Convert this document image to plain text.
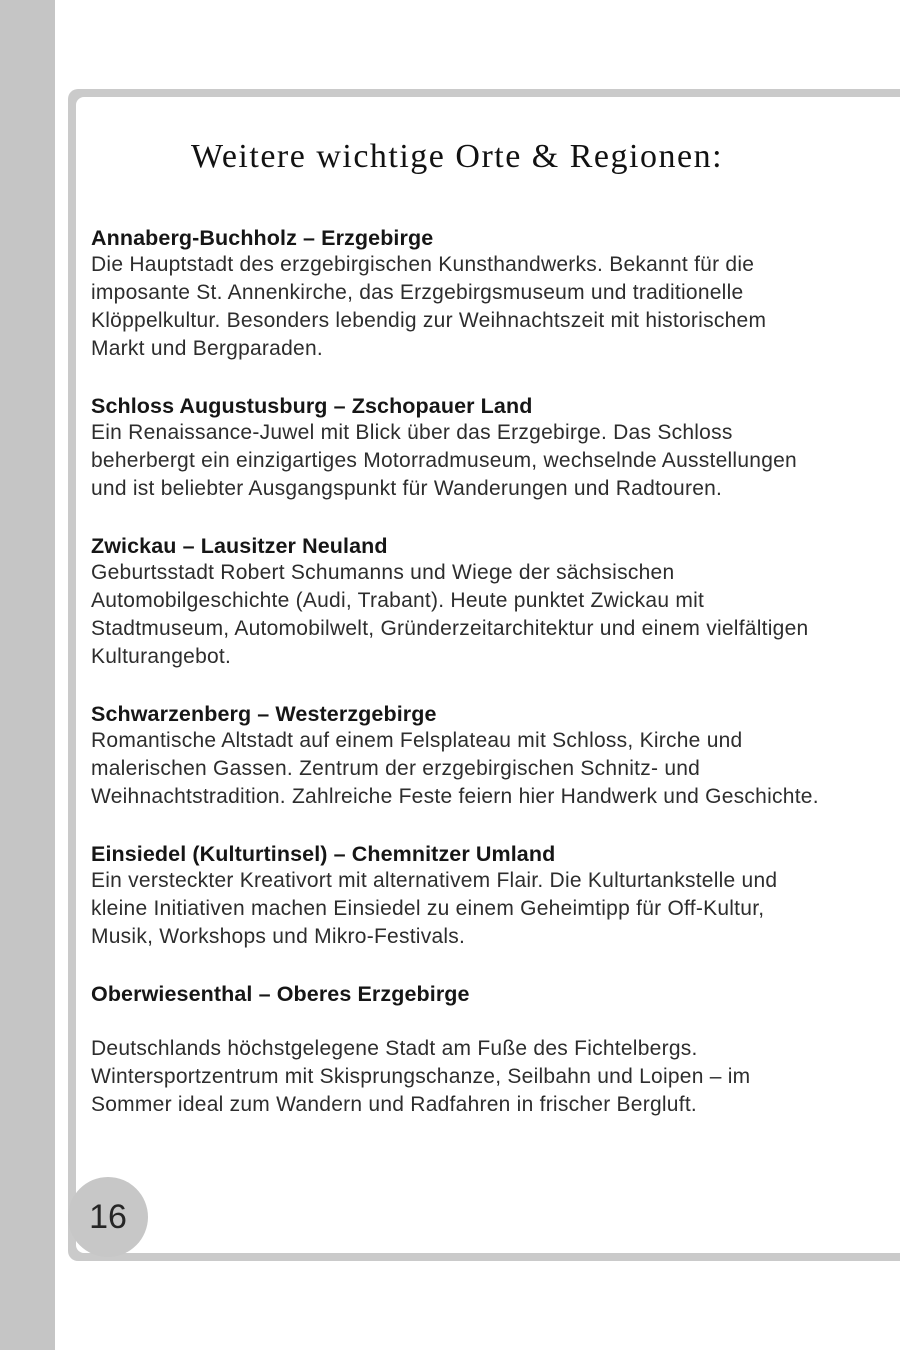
Weitere wichtige Orte & Regionen:
Annaberg-Buchholz – Erzgebirge
Die Hauptstadt des erzgebirgischen Kunsthandwerks. Bekannt für die imposante St. Annenkirche, das Erzgebirgsmuseum und traditionelle Klöppelkultur. Besonders lebendig zur Weihnachtszeit mit historischem Markt und Bergparaden.
Schloss Augustusburg – Zschopauer Land
Ein Renaissance-Juwel mit Blick über das Erzgebirge. Das Schloss beherbergt ein einzigartiges Motorradmuseum, wechselnde Ausstellungen und ist beliebter Ausgangspunkt für Wanderungen und Radtouren.
Zwickau – Lausitzer Neuland
Geburtsstadt Robert Schumanns und Wiege der sächsischen Automobilgeschichte (Audi, Trabant). Heute punktet Zwickau mit Stadtmuseum, Automobilwelt, Gründerzeitarchitektur und einem vielfältigen Kulturangebot.
Schwarzenberg – Westerzgebirge
Romantische Altstadt auf einem Felsplateau mit Schloss, Kirche und malerischen Gassen. Zentrum der erzgebirgischen Schnitz- und Weihnachtstradition. Zahlreiche Feste feiern hier Handwerk und Geschichte.
Einsiedel (Kulturtinsel) – Chemnitzer Umland
Ein versteckter Kreativort mit alternativem Flair. Die Kulturtankstelle und kleine Initiativen machen Einsiedel zu einem Geheimtipp für Off-Kultur, Musik, Workshops und Mikro-Festivals.
Oberwiesenthal – Oberes Erzgebirge
Deutschlands höchstgelegene Stadt am Fuße des Fichtelbergs. Wintersportzentrum mit Skisprungschanze, Seilbahn und Loipen – im Sommer ideal zum Wandern und Radfahren in frischer Bergluft.
16
